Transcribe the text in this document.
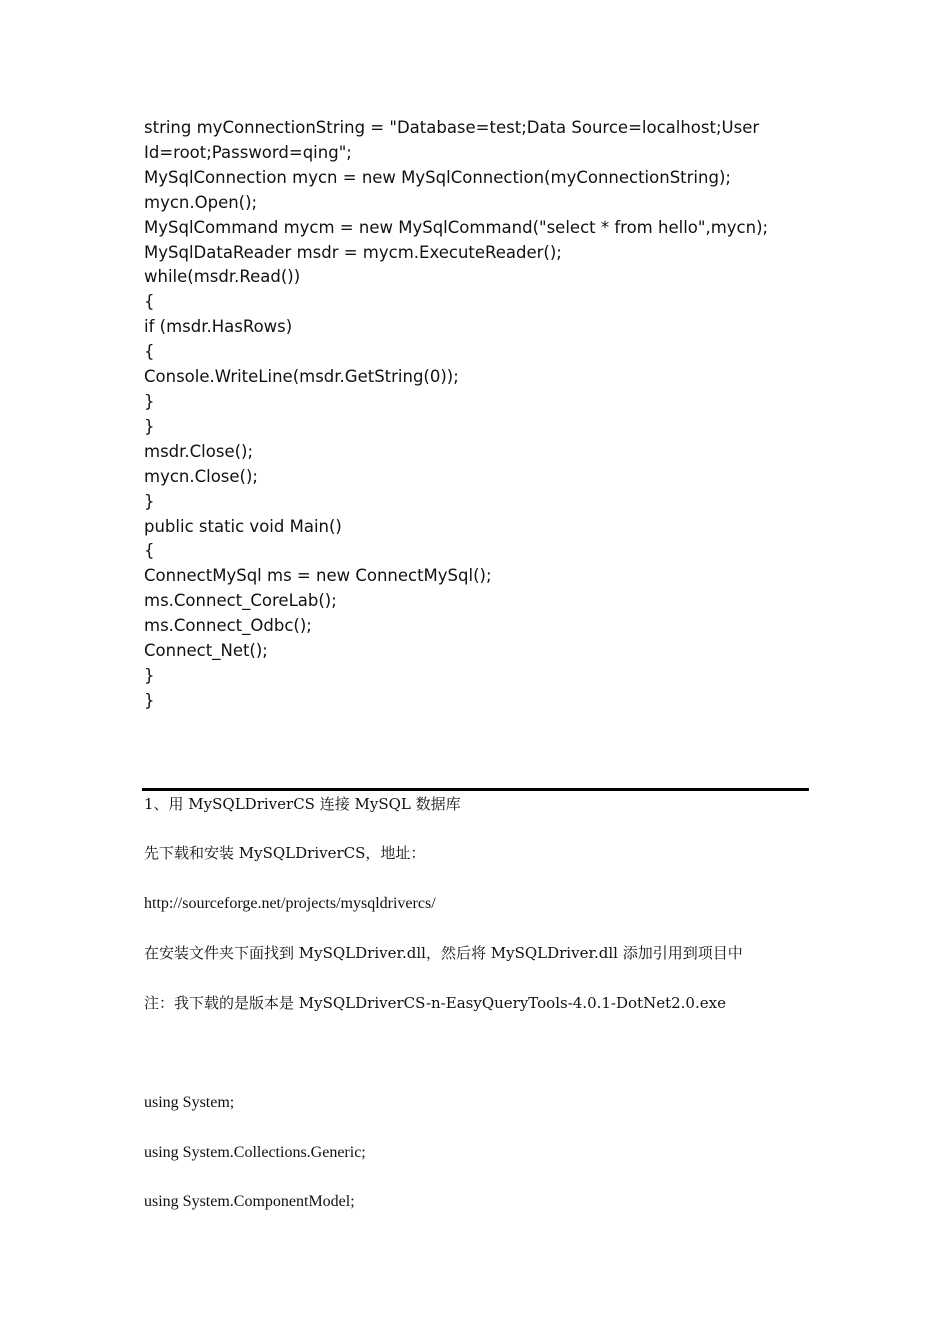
string myConnectionString = "Database=test;Data Source=localhost;User

Id=root;Password=qing";

MySqlConnection mycn = new MySqlConnection(myConnectionString);

mycn.Open();

MySqlCommand mycm = new MySqlCommand("select * from hello",mycn);

MySqlDataReader msdr = mycm.ExecuteReader();

while(msdr.Read())

{

if (msdr.HasRows)

{

Console.WriteLine(msdr.GetString(0));

}

}

msdr.Close();

mycn.Close();

}

public static void Main()

{

ConnectMySql ms = new ConnectMySql();

ms.Connect_CoreLab();

ms.Connect_Odbc();

Connect_Net();

}

}

1、用 MySQLDriverCS 连接 MySQL 数据库

先下载和安装 MySQLDriverCS，地址：

http://sourceforge.net/projects/mysqldrivercs/

在安装文件夹下面找到 MySQLDriver.dll，然后将 MySQLDriver.dll 添加引用到项目中

注：我下载的是版本是 MySQLDriverCS-n-EasyQueryTools-4.0.1-DotNet2.0.exe

using System;

using System.Collections.Generic;

using System.ComponentModel;
